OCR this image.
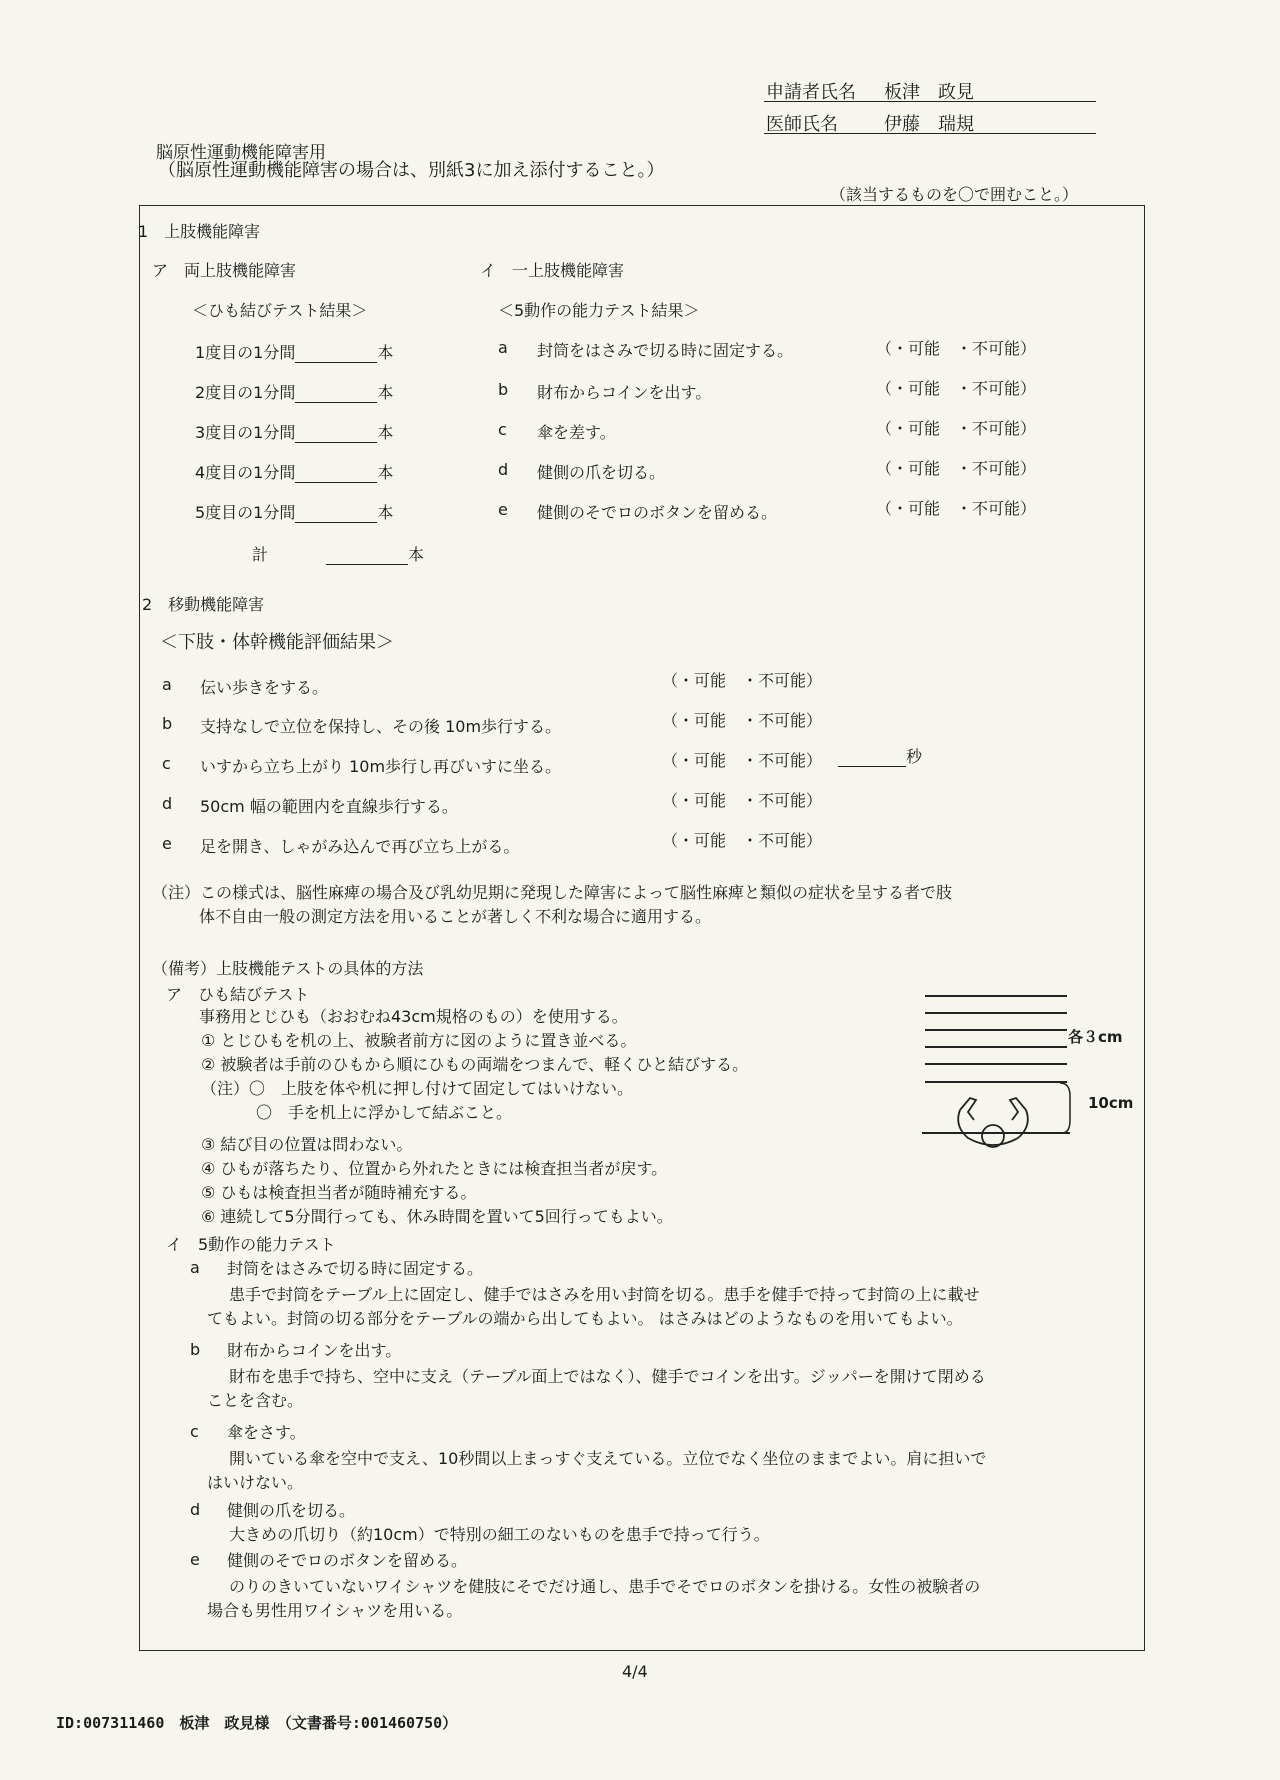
申請者氏名 板津　政見
医師氏名	伊藤　瑞規
脳原性運動機能障害用
（脳原性運動機能障害の場合は、別紙3に加え添付すること。）
（該当するものを〇で囲むこと。）
1　上肢機能障害
ア　両上肢機能障害
＜ひも結びテスト結果＞
1度目の1分間	本
2度目の1分間	本
3度目の1分間	本
4度目の1分間	本
5度目の1分間	本
計	本
イ　一上肢機能障害
＜5動作の能力テスト結果＞
a 封筒をはさみで切る時に固定する。	（・可能　・不可能）
b 財布からコインを出す。	（・可能　・不可能）
c 傘を差す。	（・可能　・不可能）
d 健側の爪を切る。	（・可能　・不可能）
e 健側のそでロのボタンを留める。	（・可能　・不可能）
2　移動機能障害
＜下肢・体幹機能評価結果＞
a 伝い歩きをする。	（・可能　・不可能）
b 支持なしで立位を保持し、その後 10m歩行する。	（・可能　・不可能）
c いすから立ち上がり 10m歩行し再びいすに坐る。	（・可能　・不可能）	秒
d 50cm 幅の範囲内を直線歩行する。	（・可能　・不可能）
e 足を開き、しゃがみ込んで再び立ち上がる。	（・可能　・不可能）
（注）この様式は、脳性麻痺の場合及び乳幼児期に発現した障害によって脳性麻痺と類似の症状を呈する者で肢
体不自由一般の測定方法を用いることが著しく不利な場合に適用する。
（備考）上肢機能テストの具体的方法
ア　ひも結びテスト
事務用とじひも（おおむね43cm規格のもの）を使用する。
① とじひもを机の上、被験者前方に図のように置き並べる。
② 被験者は手前のひもから順にひもの両端をつまんで、軽くひと結びする。
（注）〇　上肢を体や机に押し付けて固定してはいけない。
〇　手を机上に浮かして結ぶこと。
③ 結び目の位置は問わない。
④ ひもが落ちたり、位置から外れたときには検査担当者が戻す。
⑤ ひもは検査担当者が随時補充する。
⑥ 連続して5分間行っても、休み時間を置いて5回行ってもよい。
各３cm
10cm
イ　5動作の能力テスト
a 封筒をはさみで切る時に固定する。
患手で封筒をテーブル上に固定し、健手ではさみを用い封筒を切る。患手を健手で持って封筒の上に載せ
てもよい。封筒の切る部分をテーブルの端から出してもよい。 はさみはどのようなものを用いてもよい。
b 財布からコインを出す。
財布を患手で持ち、空中に支え（テーブル面上ではなく）、健手でコインを出す。ジッパーを開けて閉める
ことを含む。
c 傘をさす。
開いている傘を空中で支え、10秒間以上まっすぐ支えている。立位でなく坐位のままでよい。肩に担いで
はいけない。
d 健側の爪を切る。
大きめの爪切り（約10cm）で特別の細工のないものを患手で持って行う。
e 健側のそでロのボタンを留める。
のりのきいていないワイシャツを健肢にそでだけ通し、患手でそでロのボタンを掛ける。女性の被験者の
場合も男性用ワイシャツを用いる。
4/4
ID:007311460　板津　政見様　（文書番号:001460750）
